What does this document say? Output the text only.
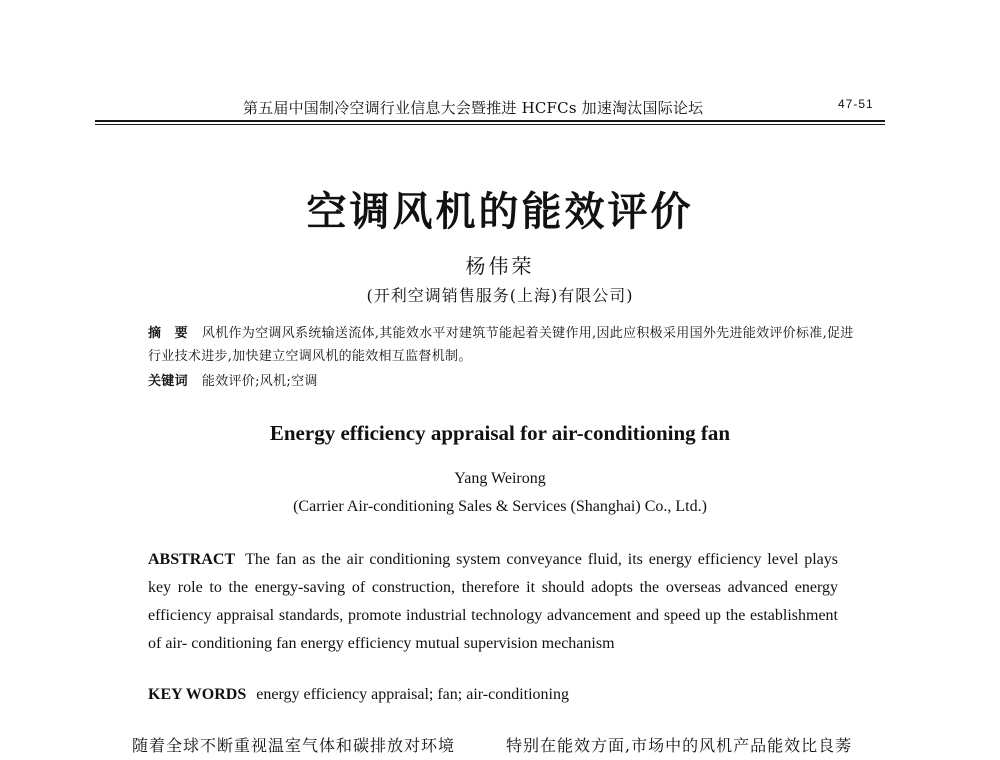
第五届中国制冷空调行业信息大会暨推进 HCFCs 加速淘汰国际论坛	47-51
空调风机的能效评价
杨伟荣
(开利空调销售服务(上海)有限公司)
摘　要 风机作为空调风系统输送流体,其能效水平对建筑节能起着关键作用,因此应积极采用国外先进能效评价标准,促进行业技术进步,加快建立空调风机的能效相互监督机制。
关键词 能效评价;风机;空调
Energy efficiency appraisal for air-conditioning fan
Yang Weirong
(Carrier Air-conditioning Sales & Services (Shanghai) Co., Ltd.)
ABSTRACT The fan as the air conditioning system conveyance fluid, its energy efficiency level plays key role to the energy-saving of construction, therefore it should adopts the overseas advanced energy efficiency appraisal standards, promote industrial technology advancement and speed up the establishment of air- conditioning fan energy efficiency mutual supervision mechanism
KEY WORDS energy efficiency appraisal; fan; air-conditioning
随着全球不断重视温室气体和碳排放对环境	特别在能效方面,市场中的风机产品能效比良莠
